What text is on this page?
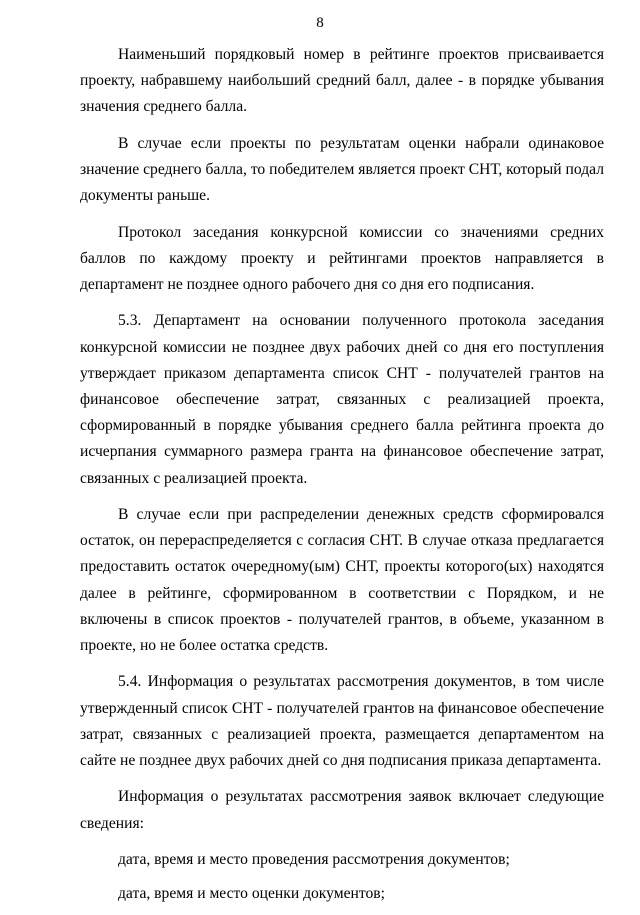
8

Наименьший порядковый номер в рейтинге проектов присваивается проекту, набравшему наибольший средний балл, далее - в порядке убывания значения среднего балла.

В случае если проекты по результатам оценки набрали одинаковое значение среднего балла, то победителем является проект СНТ, который подал документы раньше.

Протокол заседания конкурсной комиссии со значениями средних баллов по каждому проекту и рейтингами проектов направляется в департамент не позднее одного рабочего дня со дня его подписания.

5.3. Департамент на основании полученного протокола заседания конкурсной комиссии не позднее двух рабочих дней со дня его поступления утверждает приказом департамента список СНТ - получателей грантов на финансовое обеспечение затрат, связанных с реализацией проекта, сформированный в порядке убывания среднего балла рейтинга проекта до исчерпания суммарного размера гранта на финансовое обеспечение затрат, связанных с реализацией проекта.

В случае если при распределении денежных средств сформировался остаток, он перераспределяется с согласия СНТ. В случае отказа предлагается предоставить остаток очередному(ым) СНТ, проекты которого(ых) находятся далее в рейтинге, сформированном в соответствии с Порядком, и не включены в список проектов - получателей грантов, в объеме, указанном в проекте, но не более остатка средств.

5.4. Информация о результатах рассмотрения документов, в том числе утвержденный список СНТ - получателей грантов на финансовое обеспечение затрат, связанных с реализацией проекта, размещается департаментом на сайте не позднее двух рабочих дней со дня подписания приказа департамента.

Информация о результатах рассмотрения заявок включает следующие сведения:

дата, время и место проведения рассмотрения документов;

дата, время и место оценки документов;
